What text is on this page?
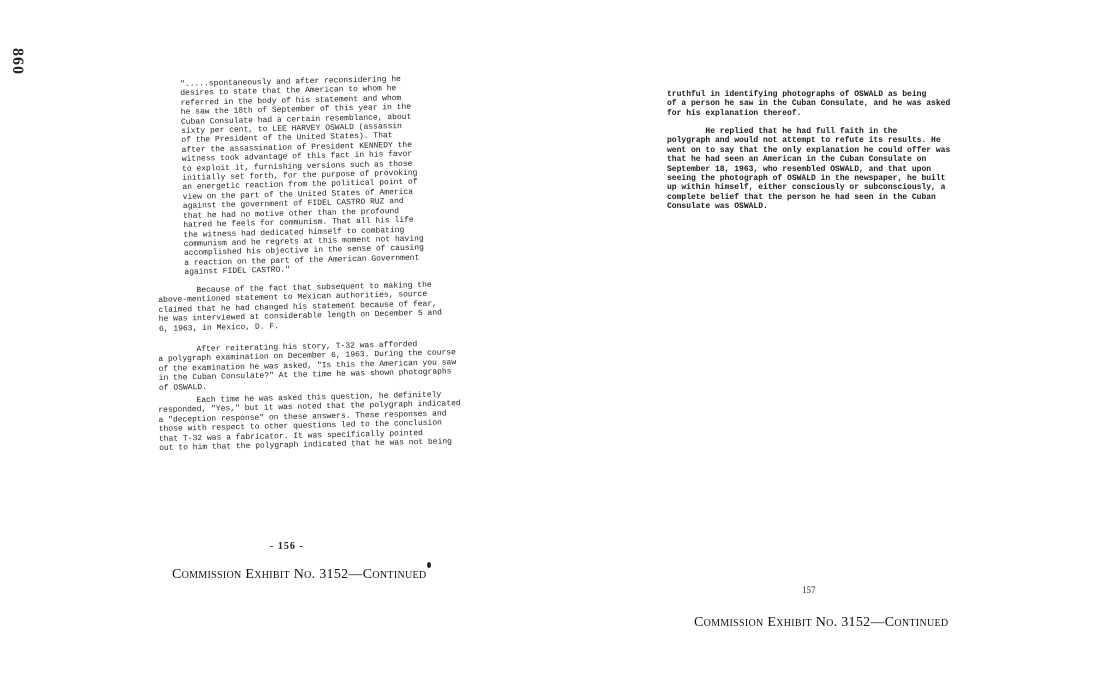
860
".....spontaneously and after reconsidering he
desires to state that the American to whom he
referred in the body of his statement and whom
he saw the 18th of September of this year in the
Cuban Consulate had a certain resemblance, about
sixty per cent, to LEE HARVEY OSWALD (assassin
of the President of the United States). That
after the assassination of President KENNEDY the
witness took advantage of this fact in his favor
to exploit it, furnishing versions such as those
initially set forth, for the purpose of provoking
an energetic reaction from the political point of
view on the part of the United States of America
against the government of FIDEL CASTRO RUZ and
that he had no motive other than the profound
hatred he feels for communism. That all his life
the witness had dedicated himself to combating
communism and he regrets at this moment not having
accomplished his objective in the sense of causing
a reaction on the part of the American Government
against FIDEL CASTRO."
Because of the fact that subsequent to making the
above-mentioned statement to Mexican authorities, source
claimed that he had changed his statement because of fear,
he was interviewed at considerable length on December 5 and
6, 1963, in Mexico, D. F.
After reiterating his story, T-32 was afforded
a polygraph examination on December 6, 1963. During the course
of the examination he was asked, "Is this the American you saw
in the Cuban Consulate?" At the time he was shown photographs
of OSWALD.
Each time he was asked this question, he definitely
responded, "Yes," but it was noted that the polygraph indicated
a "deception response" on these answers. These responses and
those with respect to other questions led to the conclusion
that T-32 was a fabricator. It was specifically pointed
out to him that the polygraph indicated that he was not being
- 156 -
Commission Exhibit No. 3152—Continued
truthful in identifying photographs of OSWALD as being
of a person he saw in the Cuban Consulate, and he was asked
for his explanation thereof.
He replied that he had full faith in the
polygraph and would not attempt to refute its results. He
went on to say that the only explanation he could offer was
that he had seen an American in the Cuban Consulate on
September 18, 1963, who resembled OSWALD, and that upon
seeing the photograph of OSWALD in the newspaper, he built
up within himself, either consciously or subconsciously, a
complete belief that the person he had seen in the Cuban
Consulate was OSWALD.
157
Commission Exhibit No. 3152—Continued
